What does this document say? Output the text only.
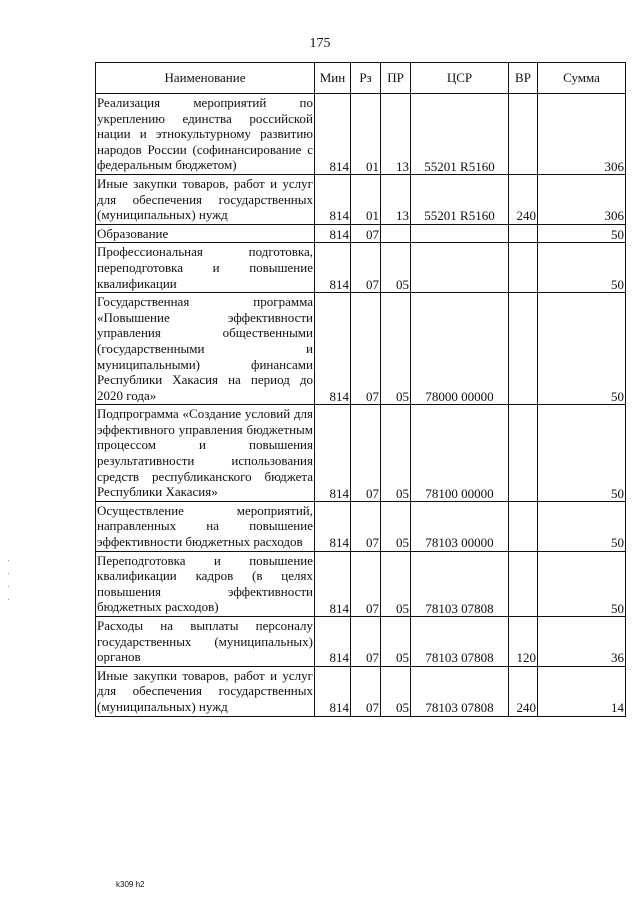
175
Наименование	Мин	Рз	ПР	ЦСР	ВР	Сумма
Реализация мероприятий по укреплению единства российской нации и этнокультурному развитию народов России (софинансирование с федеральным бюджетом)	814	01	13	55201 R5160		306
Иные закупки товаров, работ и услуг для обеспечения государственных (муниципальных) нужд	814	01	13	55201 R5160	240	306
Образование	814	07				50
Профессиональная подготовка, переподготовка и повышение квалификации	814	07	05			50
Государственная программа «Повышение эффективности управления общественными (государственными и муниципальными) финансами Республики Хакасия на период до 2020 года»	814	07	05	78000 00000		50
Подпрограмма «Создание условий для эффективного управления бюджетным процессом и повышения результативности использования средств республиканского бюджета Республики Хакасия»	814	07	05	78100 00000		50
Осуществление мероприятий, направленных на повышение эффективности бюджетных расходов	814	07	05	78103 00000		50
Переподготовка и повышение квалификации кадров (в целях повышения эффективности бюджетных расходов)	814	07	05	78103 07808		50
Расходы на выплаты персоналу государственных (муниципальных) органов	814	07	05	78103 07808	120	36
Иные закупки товаров, работ и услуг для обеспечения государственных (муниципальных) нужд	814	07	05	78103 07808	240	14
k309 h2
